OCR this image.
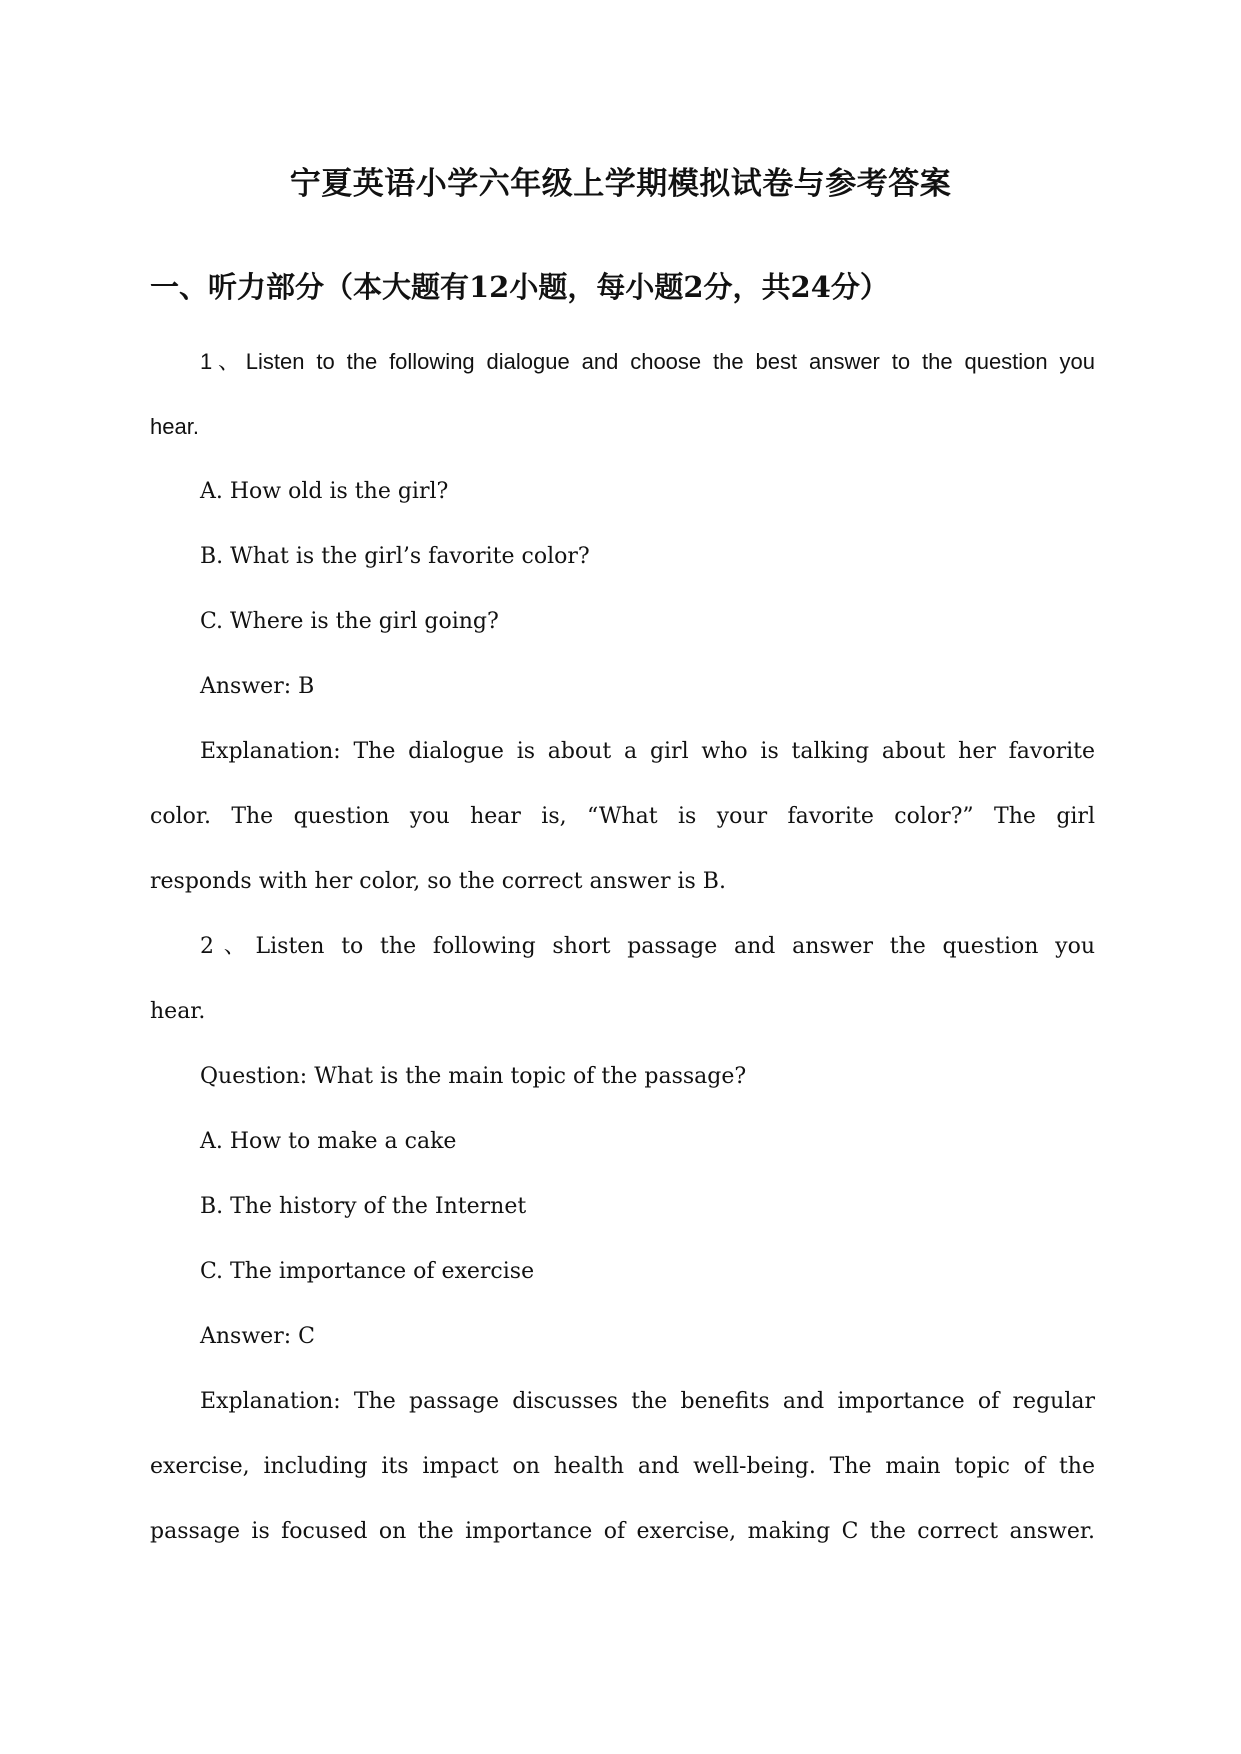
宁夏英语小学六年级上学期模拟试卷与参考答案
一、听力部分（本大题有12小题，每小题2分，共24分）
1、Listen to the following dialogue and choose the best answer to the question you
hear.
A. How old is the girl?
B. What is the girl’s favorite color?
C. Where is the girl going?
Answer: B
Explanation: The dialogue is about a girl who is talking about her favorite
color. The question you hear is, “What is your favorite color?” The girl
responds with her color, so the correct answer is B.
2、Listen to the following short passage and answer the question you
hear.
Question: What is the main topic of the passage?
A. How to make a cake
B. The history of the Internet
C. The importance of exercise
Answer: C
Explanation: The passage discusses the benefits and importance of regular
exercise, including its impact on health and well-being. The main topic of the
passage is focused on the importance of exercise, making C the correct answer.
